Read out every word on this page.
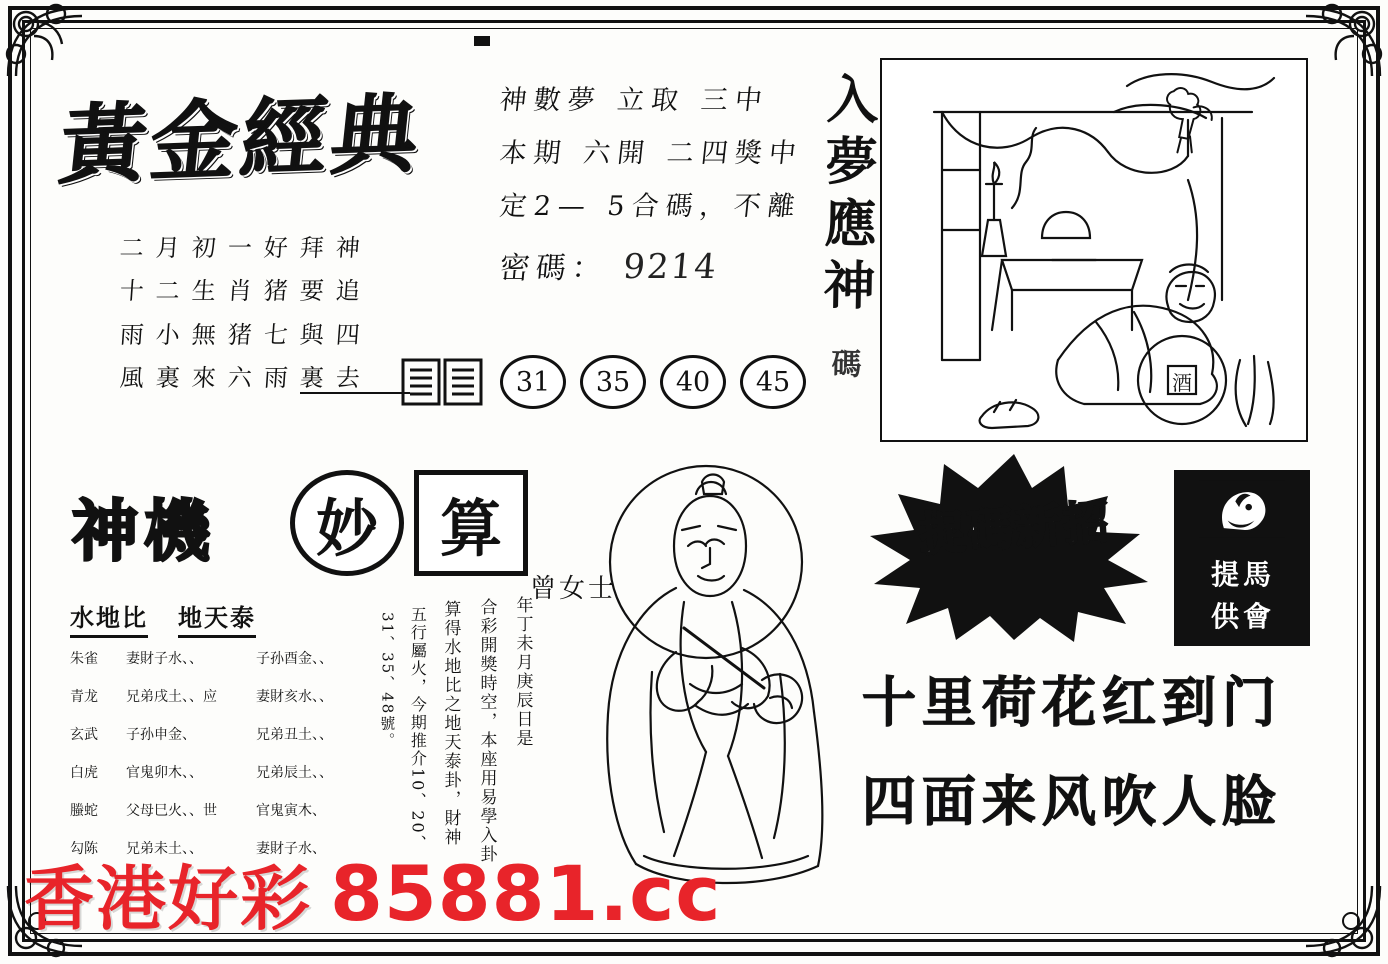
黃金經典
二月初一好拜神
十二生肖猪要追
雨小無猪七與四
風裏來六雨裏去
神數夢 立取 三中
本期 六開 二四獎中
定2— 5合碼，不離
密碼： 9214
31	35	40	45
入夢應神 碼	酒
神機	妙 算
曾女士
水地比 地天泰
朱雀	妻財子水、、	子孙酉金、、
青龙	兄弟戌土、、应	妻財亥水、、
玄武	子孙申金、	兄弟丑土、、
白虎	官鬼卯木、、	兄弟辰土、、
螣蛇	父母巳火、、世	官鬼寅木、
勾陈	兄弟未土、、	妻財子水、
31、35、48號。 五行屬火，今期推介10、20、 算得水地比之地天泰卦，財神 合彩開獎時空，本座用易學入卦 年丁未月庚辰日是
捉碼新招
提 馬
供 會
十里荷花红到门
四面来风吹人脸
香港好彩 85881.cc
